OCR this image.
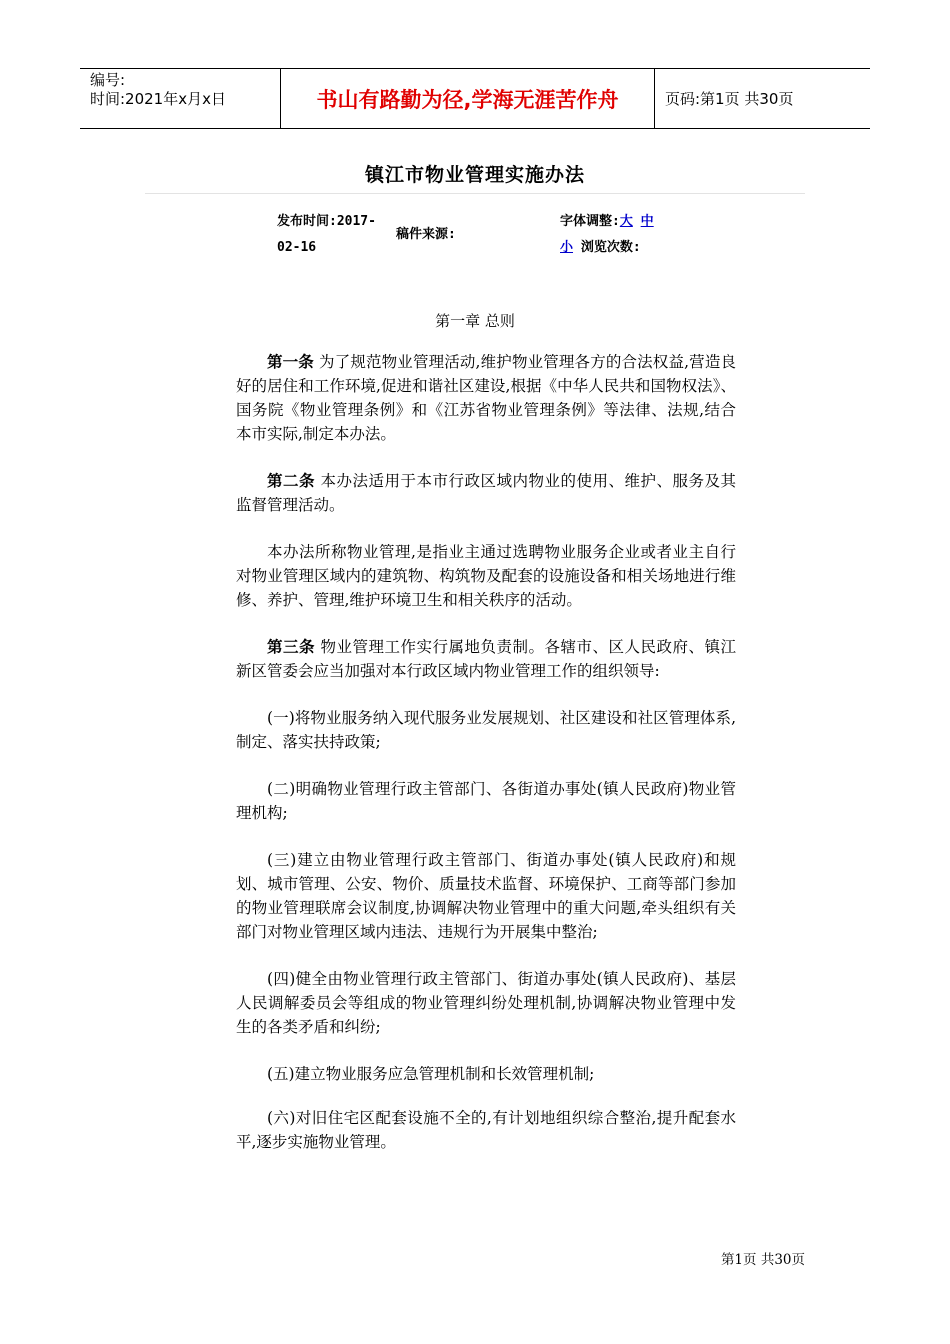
编号:
时间:2021年x月x日	书山有路勤为径,学海无涯苦作舟	页码:第1页 共30页
镇江市物业管理实施办法
发布时间:2017-
02-16
稿件来源:
字体调整:大 中
小 浏览次数:
第一章 总则

第一条 为了规范物业管理活动,维护物业管理各方的合法权益,营造良好的居住和工作环境,促进和谐社区建设,根据《中华人民共和国物权法》、国务院《物业管理条例》和《江苏省物业管理条例》等法律、法规,结合本市实际,制定本办法。

第二条 本办法适用于本市行政区域内物业的使用、维护、服务及其监督管理活动。

本办法所称物业管理,是指业主通过选聘物业服务企业或者业主自行对物业管理区域内的建筑物、构筑物及配套的设施设备和相关场地进行维修、养护、管理,维护环境卫生和相关秩序的活动。

第三条 物业管理工作实行属地负责制。各辖市、区人民政府、镇江新区管委会应当加强对本行政区域内物业管理工作的组织领导:

(一)将物业服务纳入现代服务业发展规划、社区建设和社区管理体系,制定、落实扶持政策;

(二)明确物业管理行政主管部门、各街道办事处(镇人民政府)物业管理机构;

(三)建立由物业管理行政主管部门、街道办事处(镇人民政府)和规划、城市管理、公安、物价、质量技术监督、环境保护、工商等部门参加的物业管理联席会议制度,协调解决物业管理中的重大问题,牵头组织有关部门对物业管理区域内违法、违规行为开展集中整治;

(四)健全由物业管理行政主管部门、街道办事处(镇人民政府)、基层人民调解委员会等组成的物业管理纠纷处理机制,协调解决物业管理中发生的各类矛盾和纠纷;

(五)建立物业服务应急管理机制和长效管理机制;

(六)对旧住宅区配套设施不全的,有计划地组织综合整治,提升配套水平,逐步实施物业管理。

第1页 共30页
